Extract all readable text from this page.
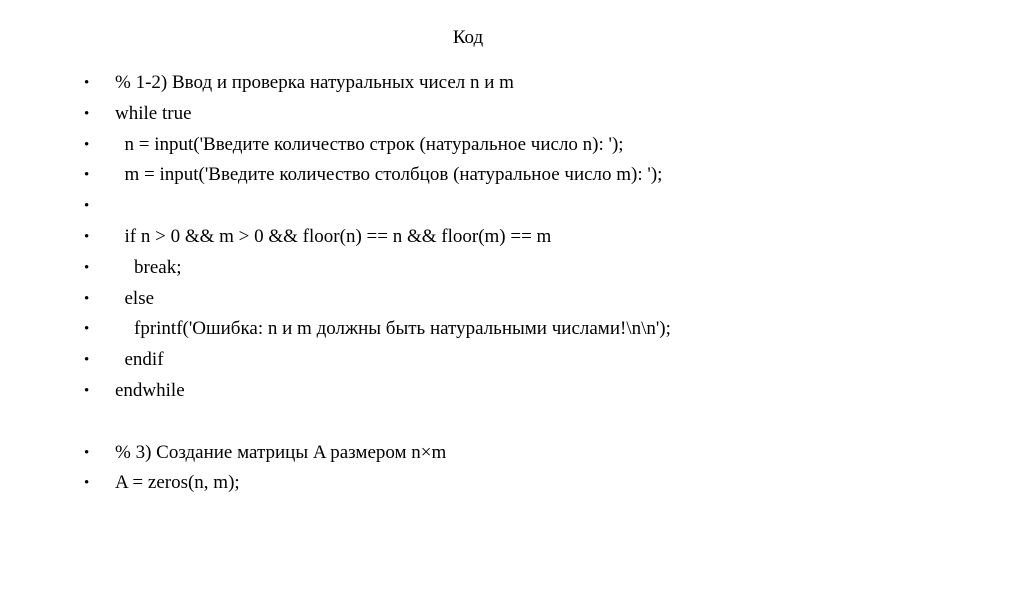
Код

•

	% 1-2) Ввод и проверка натуральных чисел n и m

•

	while true

•

	n = input('Введите количество строк (натуральное число n): ');

•

	m = input('Введите количество столбцов (натуральное число m): ');

•

•

	if n > 0 && m > 0 && floor(n) == n && floor(m) == m

•

	break;

•

	else

•

	fprintf('Ошибка: n и m должны быть натуральными числами!\n\n');

•

	endif

•

	endwhile

•

	% 3) Создание матрицы A размером n×m

•

	A = zeros(n, m);
